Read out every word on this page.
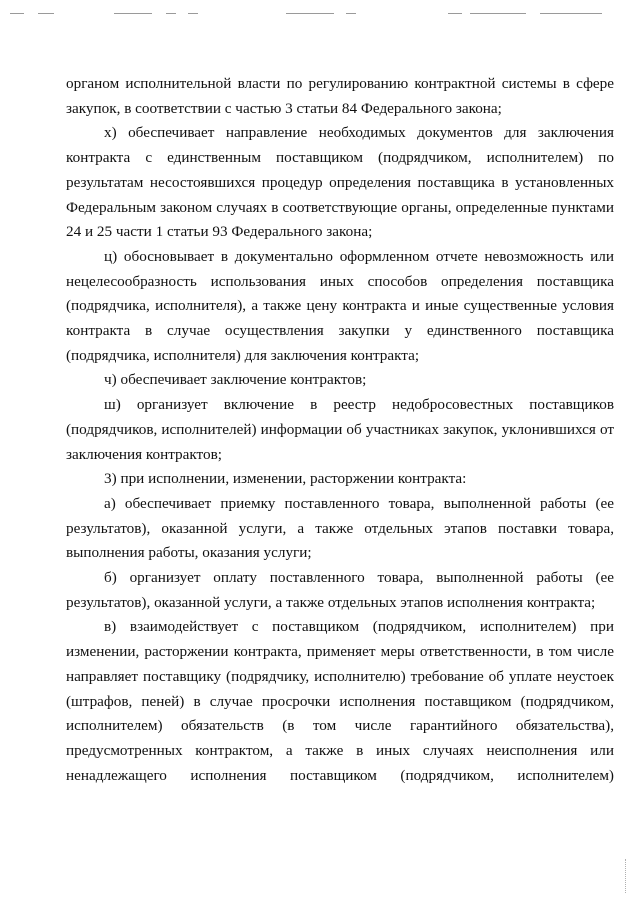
органом исполнительной власти по регулированию контрактной системы в сфере закупок, в соответствии с частью 3 статьи 84 Федерального закона;

х) обеспечивает направление необходимых документов для заключения контракта с единственным поставщиком (подрядчиком, исполнителем) по результатам несостоявшихся процедур определения поставщика в установленных Федеральным законом случаях в соответствующие органы, определенные пунктами 24 и 25 части 1 статьи 93 Федерального закона;

ц) обосновывает в документально оформленном отчете невозможность или нецелесообразность использования иных способов определения поставщика (подрядчика, исполнителя), а также цену контракта и иные существенные условия контракта в случае осуществления закупки у единственного поставщика (подрядчика, исполнителя) для заключения контракта;

ч) обеспечивает заключение контрактов;

ш) организует включение в реестр недобросовестных поставщиков (подрядчиков, исполнителей) информации об участниках закупок, уклонившихся от заключения контрактов;

3) при исполнении, изменении, расторжении контракта:

а) обеспечивает приемку поставленного товара, выполненной работы (ее результатов), оказанной услуги, а также отдельных этапов поставки товара, выполнения работы, оказания услуги;

б) организует оплату поставленного товара, выполненной работы (ее результатов), оказанной услуги, а также отдельных этапов исполнения контракта;

в) взаимодействует с поставщиком (подрядчиком, исполнителем) при изменении, расторжении контракта, применяет меры ответственности, в том числе направляет поставщику (подрядчику, исполнителю) требование об уплате неустоек (штрафов, пеней) в случае просрочки исполнения поставщиком (подрядчиком, исполнителем) обязательств (в том числе гарантийного обязательства), предусмотренных контрактом, а также в иных случаях неисполнения или ненадлежащего исполнения поставщиком (подрядчиком, исполнителем)
